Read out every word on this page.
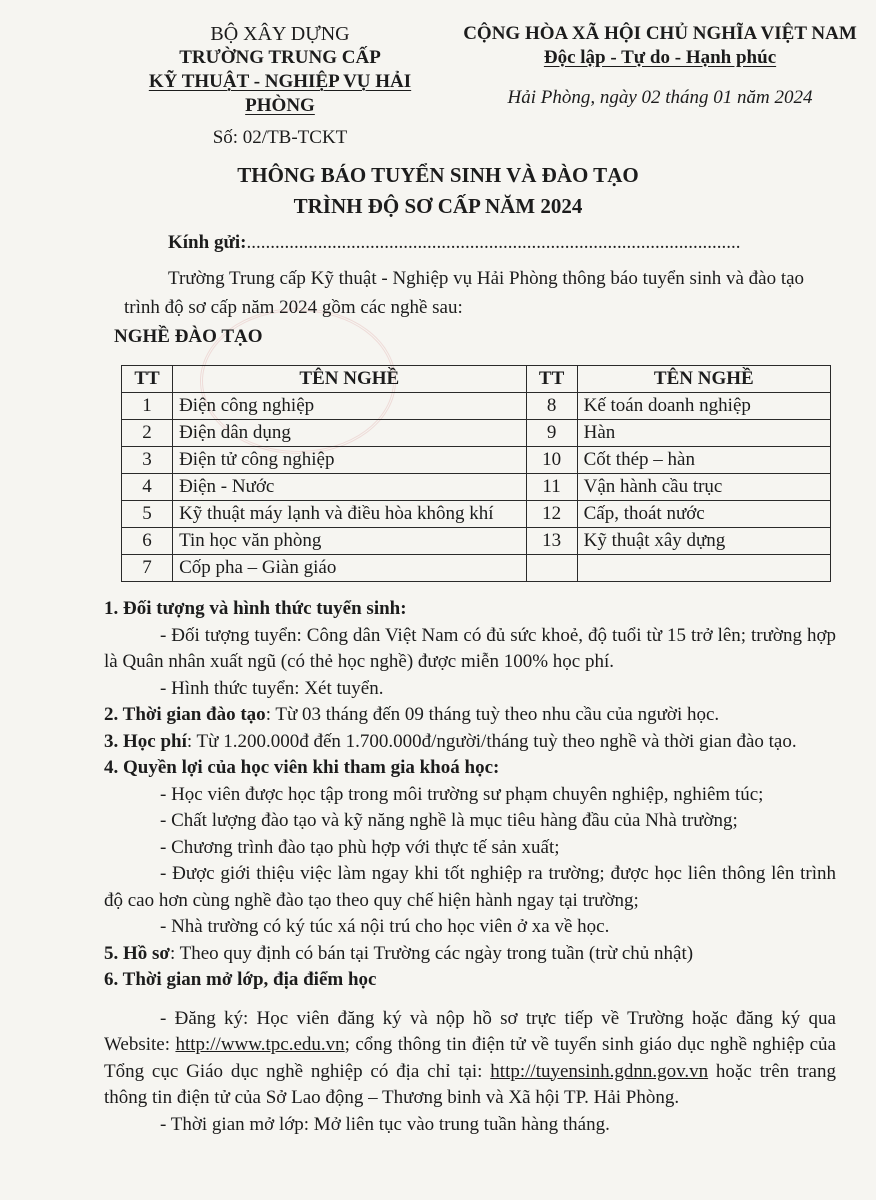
BỘ XÂY DỰNG
TRƯỜNG TRUNG CẤP
KỸ THUẬT - NGHIỆP VỤ HẢI PHÒNG
Số: 02/TB-TCKT
CỘNG HÒA XÃ HỘI CHỦ NGHĨA VIỆT NAM
Độc lập - Tự do - Hạnh phúc
Hải Phòng, ngày 02 tháng 01 năm 2024
THÔNG BÁO TUYỂN SINH VÀ ĐÀO TẠO
TRÌNH ĐỘ SƠ CẤP NĂM 2024
Kính gửi:........................................................................................................
Trường Trung cấp Kỹ thuật - Nghiệp vụ Hải Phòng thông báo tuyển sinh và đào tạo trình độ sơ cấp năm 2024 gồm các nghề sau:
NGHỀ ĐÀO TẠO
TT	TÊN NGHỀ	TT	TÊN NGHỀ
1	Điện công nghiệp	8	Kế toán doanh nghiệp
2	Điện dân dụng	9	Hàn
3	Điện tử công nghiệp	10	Cốt thép – hàn
4	Điện - Nước	11	Vận hành cầu trục
5	Kỹ thuật máy lạnh và điều hòa không khí	12	Cấp, thoát nước
6	Tin học văn phòng	13	Kỹ thuật xây dựng
7	Cốp pha – Giàn giáo		

1. Đối tượng và hình thức tuyển sinh:

- Đối tượng tuyển: Công dân Việt Nam có đủ sức khoẻ, độ tuổi từ 15 trở lên; trường hợp là Quân nhân xuất ngũ (có thẻ học nghề) được miễn 100% học phí.

- Hình thức tuyển: Xét tuyển.

2. Thời gian đào tạo: Từ 03 tháng đến 09 tháng tuỳ theo nhu cầu của người học.

3. Học phí: Từ 1.200.000đ đến 1.700.000đ/người/tháng tuỳ theo nghề và thời gian đào tạo.

4. Quyền lợi của học viên khi tham gia khoá học:

- Học viên được học tập trong môi trường sư phạm chuyên nghiệp, nghiêm túc;

- Chất lượng đào tạo và kỹ năng nghề là mục tiêu hàng đầu của Nhà trường;

- Chương trình đào tạo phù hợp với thực tế sản xuất;

- Được giới thiệu việc làm ngay khi tốt nghiệp ra trường; được học liên thông lên trình độ cao hơn cùng nghề đào tạo theo quy chế hiện hành ngay tại trường;

- Nhà trường có ký túc xá nội trú cho học viên ở xa về học.

5. Hồ sơ: Theo quy định có bán tại Trường các ngày trong tuần (trừ chủ nhật)

6. Thời gian mở lớp, địa điểm học

- Đăng ký: Học viên đăng ký và nộp hồ sơ trực tiếp về Trường hoặc đăng ký qua Website: http://www.tpc.edu.vn; cổng thông tin điện tử về tuyển sinh giáo dục nghề nghiệp của Tổng cục Giáo dục nghề nghiệp có địa chỉ tại: http://tuyensinh.gdnn.gov.vn hoặc trên trang thông tin điện tử của Sở Lao động – Thương binh và Xã hội TP. Hải Phòng.

- Thời gian mở lớp: Mở liên tục vào trung tuần hàng tháng.
